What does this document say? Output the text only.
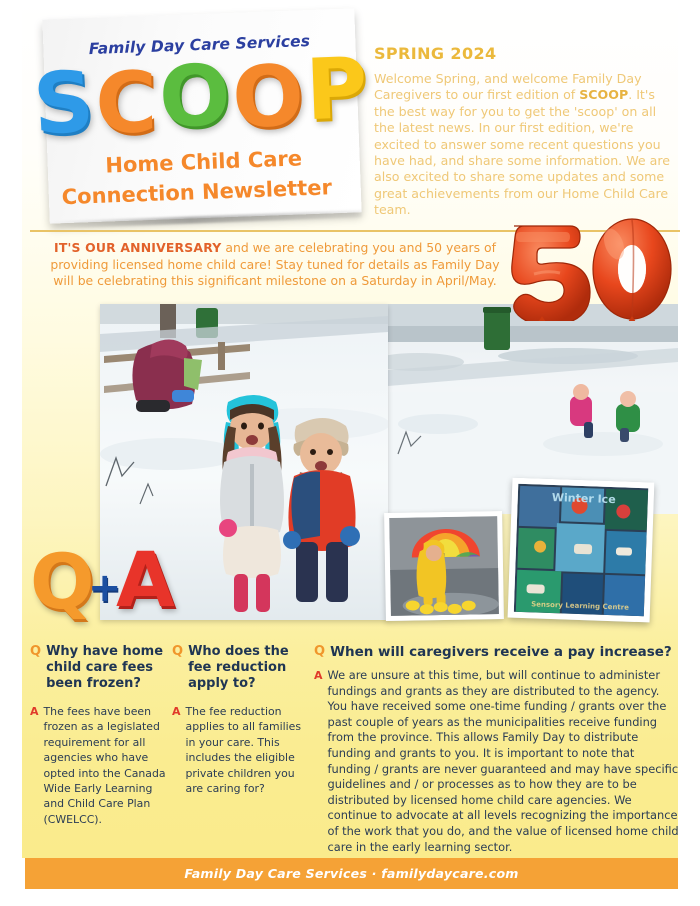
Winter Ice
Sensory Learning Centre
Family Day Care Services
SCOOP
Home Child Care
Connection Newsletter
SPRING 2024
Welcome Spring, and welcome Family Day Caregivers to our first edition of SCOOP. It's the best way for you to get the 'scoop' on all the latest news. In our first edition, we're excited to answer some recent questions you have had, and share some information. We are also excited to share some updates and some great achievements from our Home Child Care team.
IT'S OUR ANNIVERSARY and we are celebrating you and 50 years of providing licensed home child care! Stay tuned for details as Family Day will be celebrating this significant milestone on a Saturday in April/May.
Q
+
A
Q Why have home child care fees been frozen?
A The fees have been frozen as a legislated requirement for all agencies who have opted into the Canada Wide Early Learning and Child Care Plan (CWELCC).
Q Who does the fee reduction apply to?
A The fee reduction applies to all families in your care. This includes the eligible private children you are caring for?
Q When will caregivers receive a pay increase?
A We are unsure at this time, but will continue to administer fundings and grants as they are distributed to the agency. You have received some one-time funding / grants over the past couple of years as the municipalities receive funding from the province. This allows Family Day to distribute funding and grants to you. It is important to note that funding / grants are never guaranteed and may have specific guidelines and / or processes as to how they are to be distributed by licensed home child care agencies. We continue to advocate at all levels recognizing the importance of the work that you do, and the value of licensed home child care in the early learning sector.
Family Day Care Services · familydaycare.com
